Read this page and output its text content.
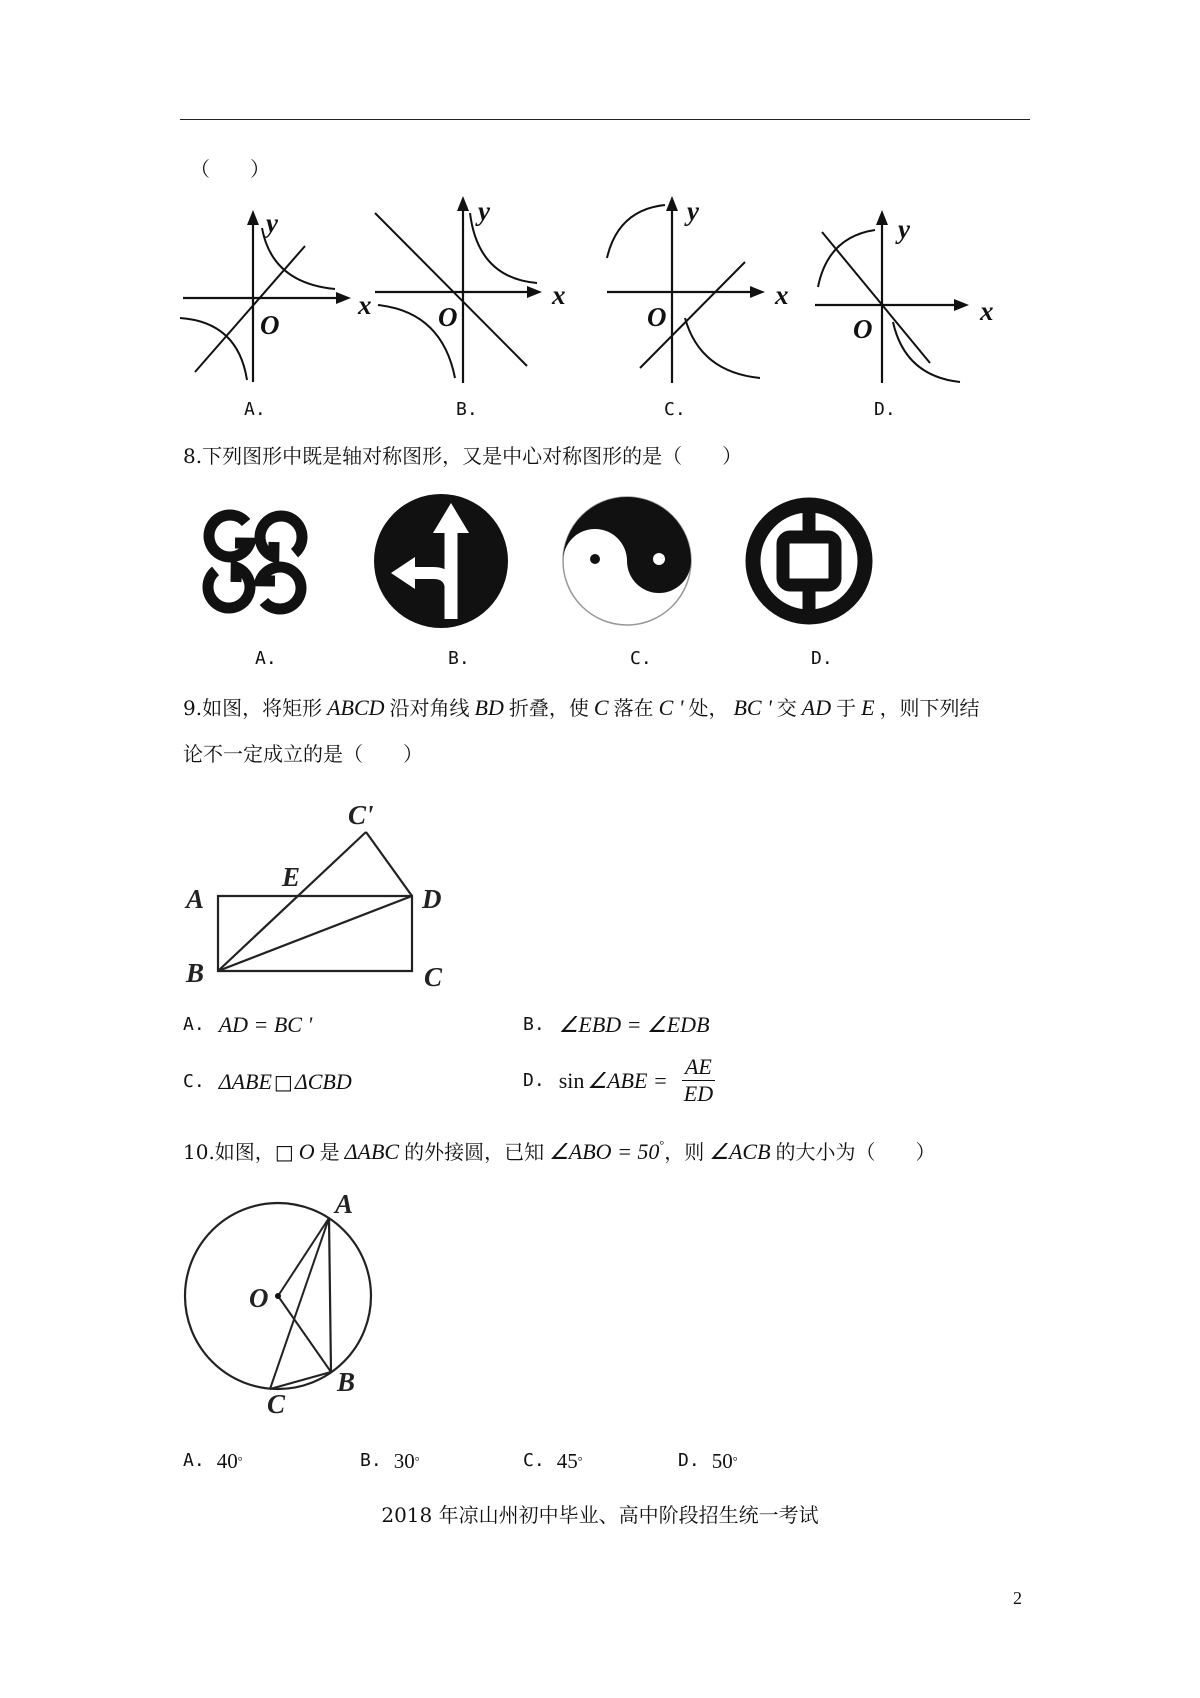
（　　）
y
x
O
y
x
O
y
x
O
y
x
O
A.	B.	C.	D.
8.下列图形中既是轴对称图形，又是中心对称图形的是（　　）
A.	B.	C.	D.
9.如图，将矩形 ABCD 沿对角线 BD 折叠，使 C 落在 C ' 处， BC ' 交 AD 于 E ，则下列结
论不一定成立的是（　　）
C'
E
A	D
B	C
A. AD = BC '	B. ∠EBD = ∠EDB
C. ΔABE □ ΔCBD	D. sin ∠ABE = $\frac{AE}{ED}$
10.如图，□ O 是 ΔABC 的外接圆，已知 ∠ABO = 50°，则 ∠ACB 的大小为（　　）
A
O
B
C
A. 40 °	B. 30 °	C. 45 °	D. 50 °
2018 年凉山州初中毕业、高中阶段招生统一考试
2
